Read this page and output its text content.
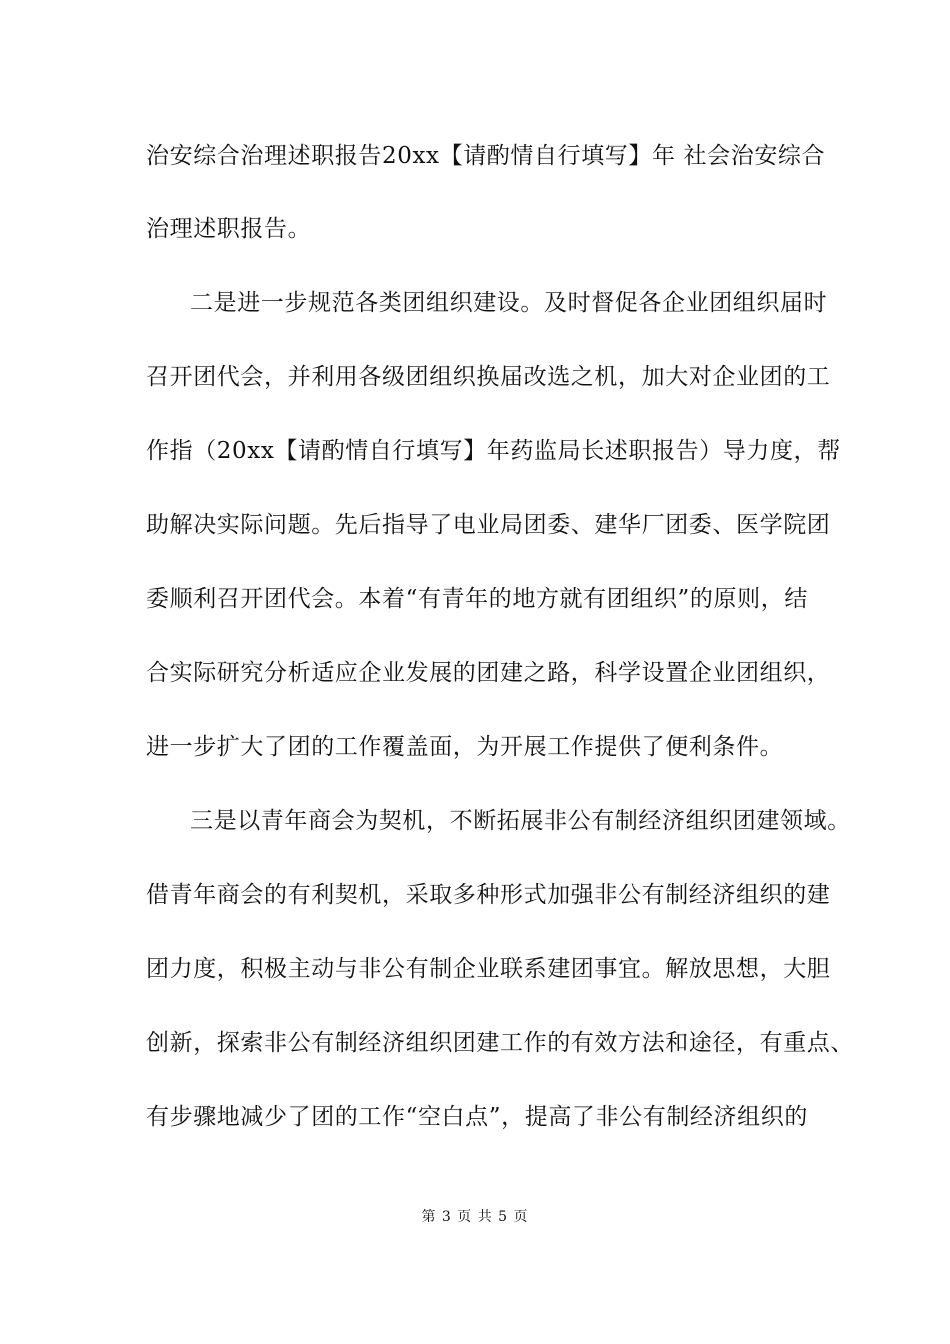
治安综合治理述职报告20xx【请酌情自行填写】年 社会治安综合
治理述职报告。
二是进一步规范各类团组织建设。及时督促各企业团组织届时
召开团代会，并利用各级团组织换届改选之机，加大对企业团的工
作指（20xx【请酌情自行填写】年药监局长述职报告）导力度，帮
助解决实际问题。先后指导了电业局团委、建华厂团委、医学院团
委顺利召开团代会。本着“有青年的地方就有团组织”的原则，结
合实际研究分析适应企业发展的团建之路，科学设置企业团组织，
进一步扩大了团的工作覆盖面，为开展工作提供了便利条件。
三是以青年商会为契机，不断拓展非公有制经济组织团建领域。
借青年商会的有利契机，采取多种形式加强非公有制经济组织的建
团力度，积极主动与非公有制企业联系建团事宜。解放思想，大胆
创新，探索非公有制经济组织团建工作的有效方法和途径，有重点、
有步骤地减少了团的工作“空白点”，提高了非公有制经济组织的
第 3 页 共 5 页
